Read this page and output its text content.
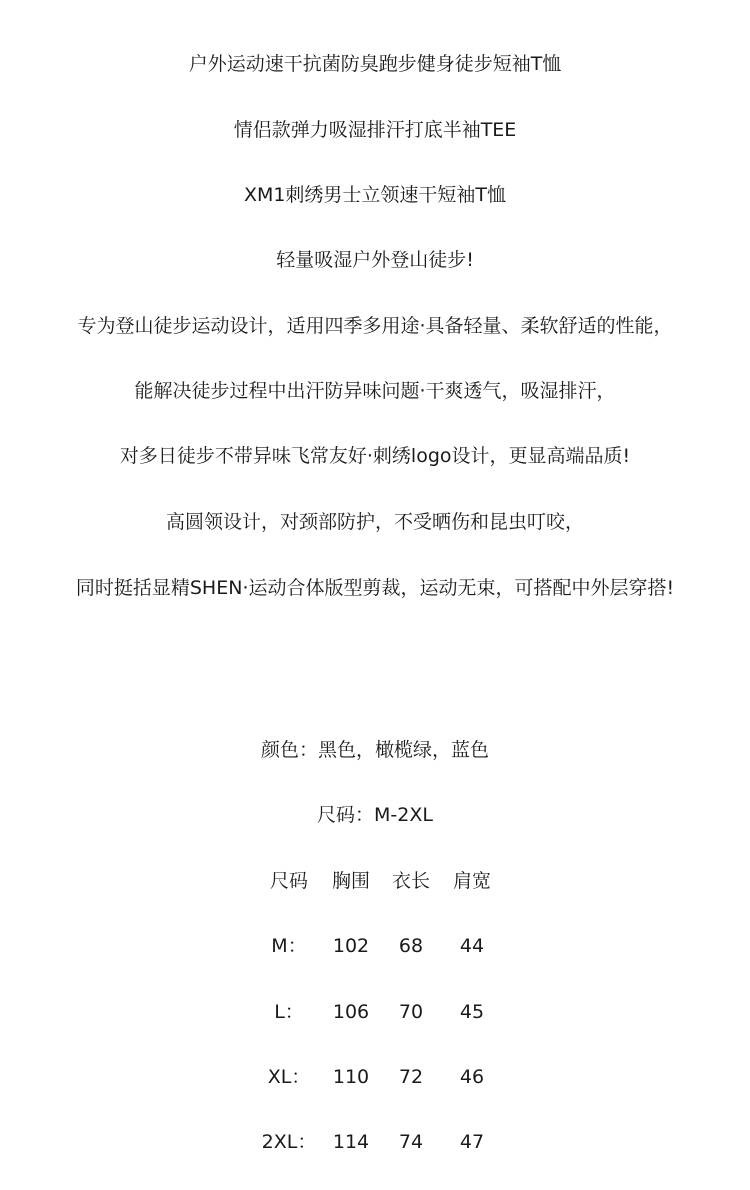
户外运动速干抗菌防臭跑步健身徒步短袖T恤
情侣款弹力吸湿排汗打底半袖TEE
XM1刺绣男士立领速干短袖T恤
轻量吸湿户外登山徒步!
专为登山徒步运动设计，适用四季多用途·具备轻量、柔软舒适的性能，
能解决徒步过程中出汗防异味问题·干爽透气，吸湿排汗，
对多日徒步不带异味飞常友好·刺绣logo设计，更显高端品质!
高圆领设计，对颈部防护，不受晒伤和昆虫叮咬，
同时挺括显精SHEN·运动合体版型剪裁，运动无束，可搭配中外层穿搭!
颜色：黑色，橄榄绿，蓝色
尺码：M-2XL
尺码	胸围	衣长	肩宽
M：	102	68	44
L：	106	70	45
XL：	110	72	46
2XL： 114	74	47
